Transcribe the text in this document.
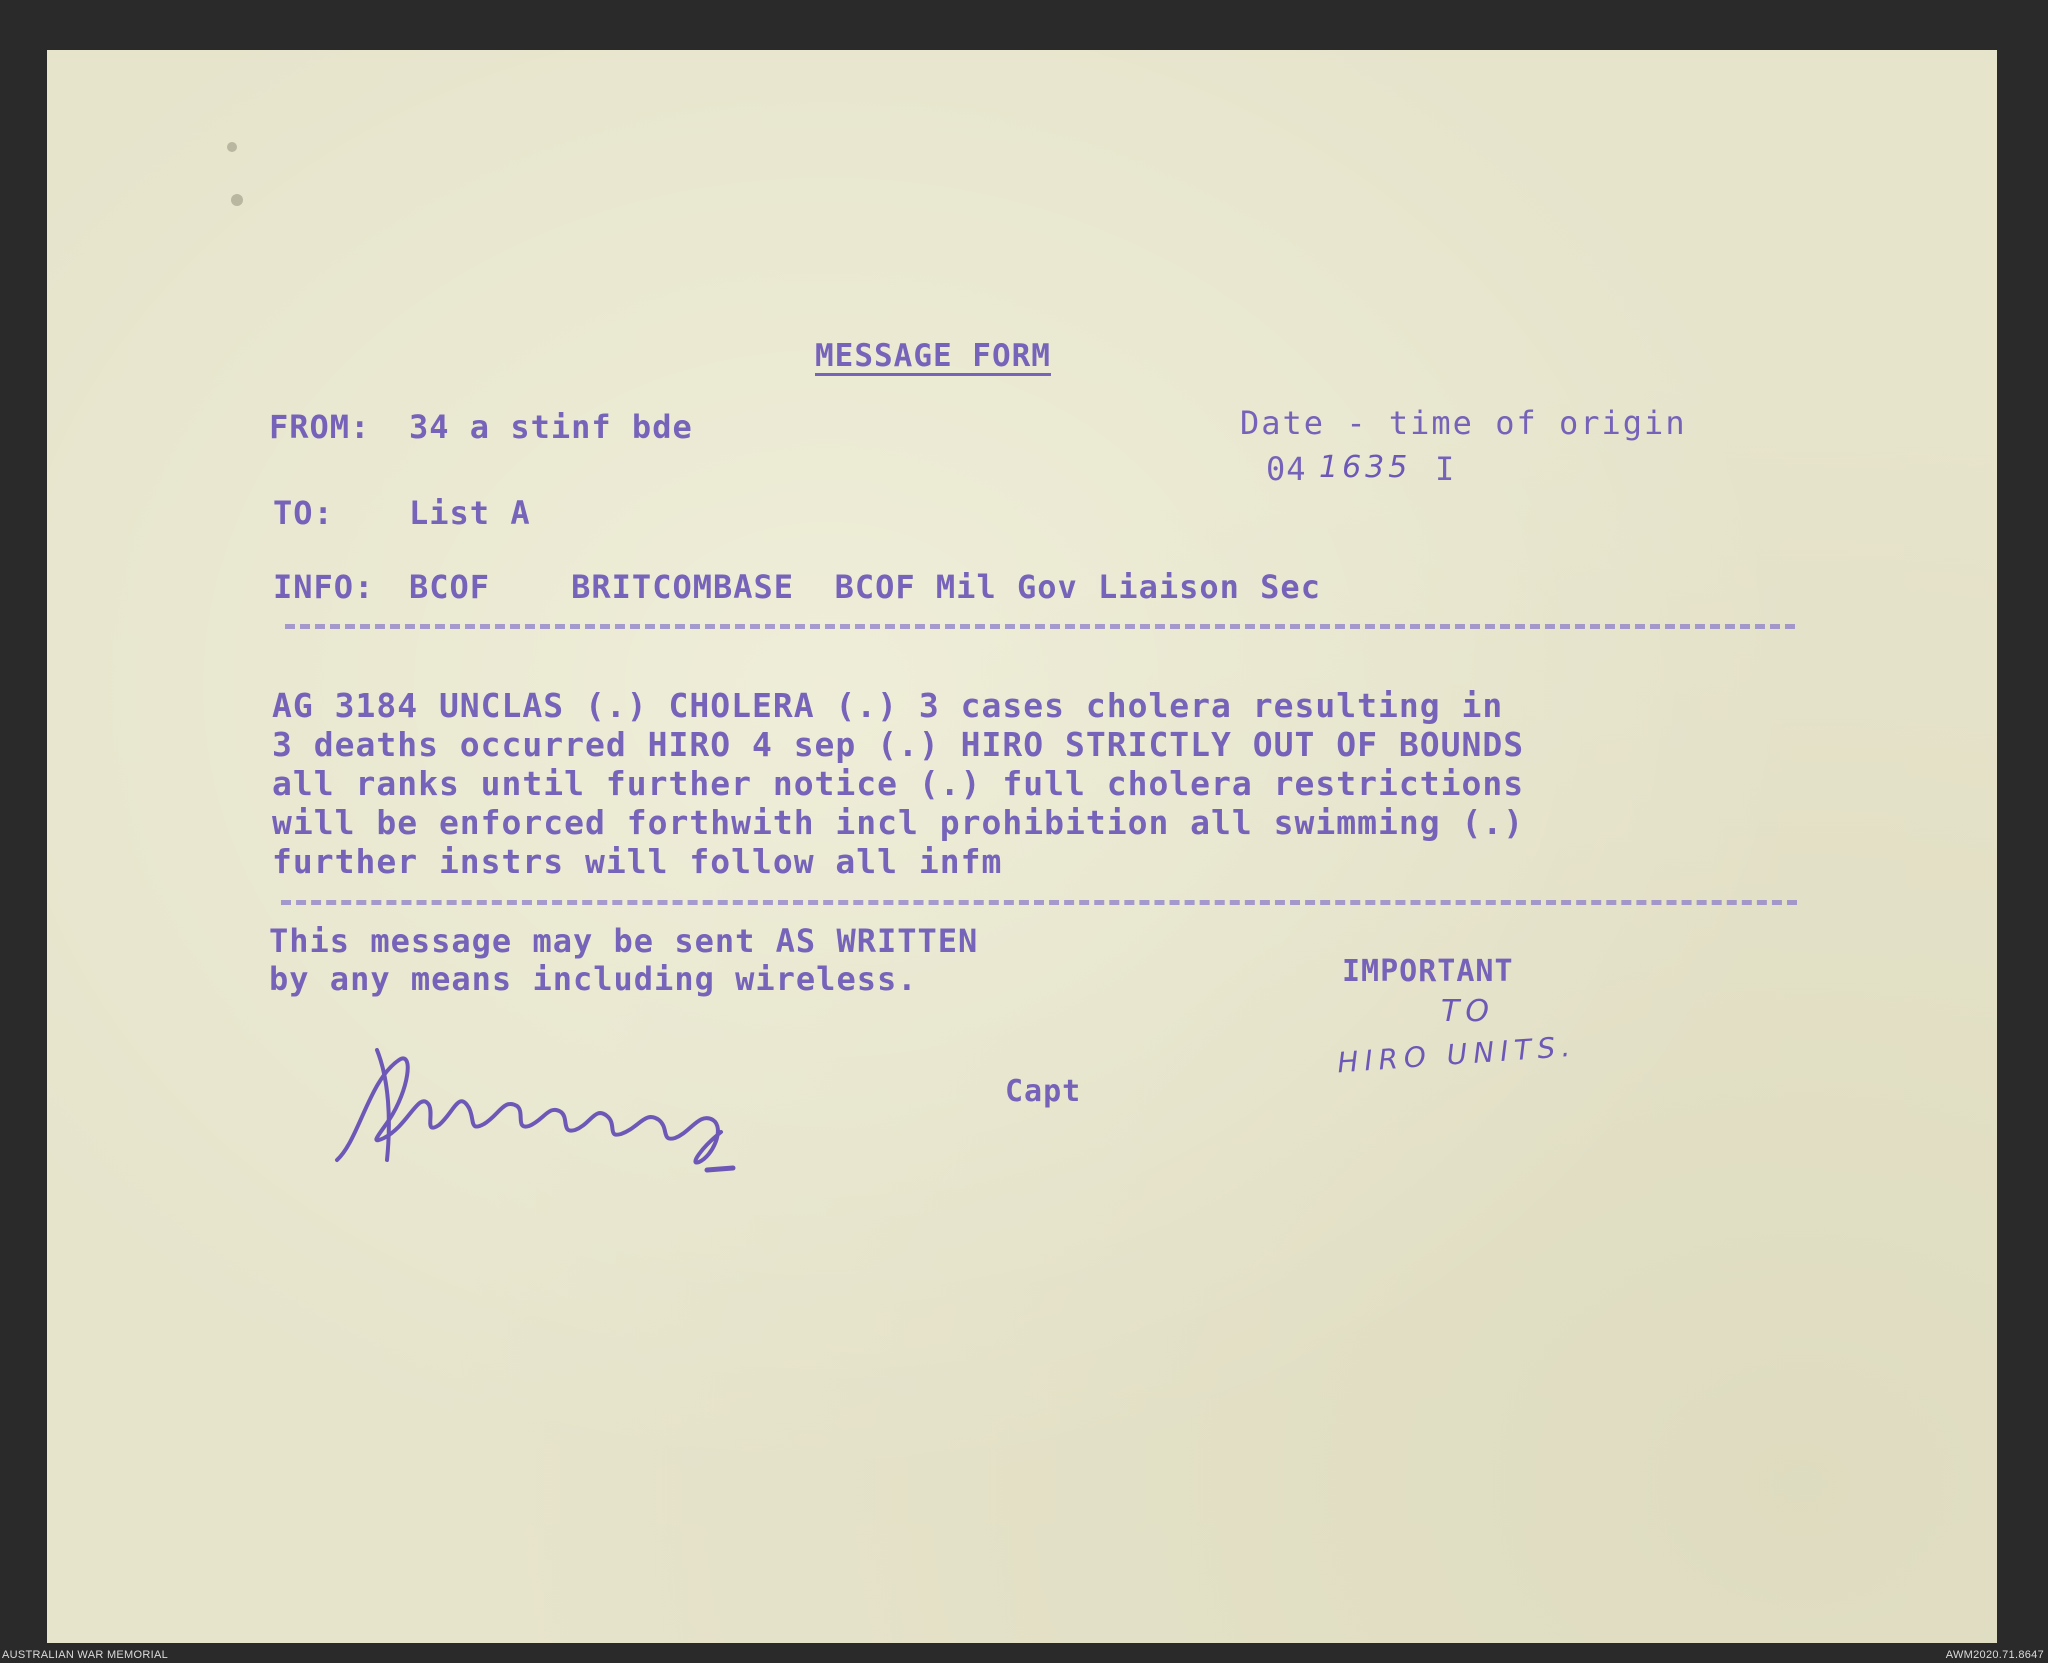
MESSAGE FORM
FROM: 34 a stinf bde	Date - time of origin
04 1635 I
TO: List A
INFO: BCOF    BRITCOMBASE  BCOF Mil Gov Liaison Sec
AG 3184 UNCLAS (.) CHOLERA (.) 3 cases cholera resulting in
3 deaths occurred HIRO 4 sep (.) HIRO STRICTLY OUT OF BOUNDS
all ranks until further notice (.) full cholera restrictions
will be enforced forthwith incl prohibition all swimming (.)
further instrs will follow all infm
This message may be sent AS WRITTEN
by any means including wireless.	IMPORTANT
TO
HIRO UNITS.
Capt
AUSTRALIAN WAR MEMORIAL	AWM2020.71.8647
